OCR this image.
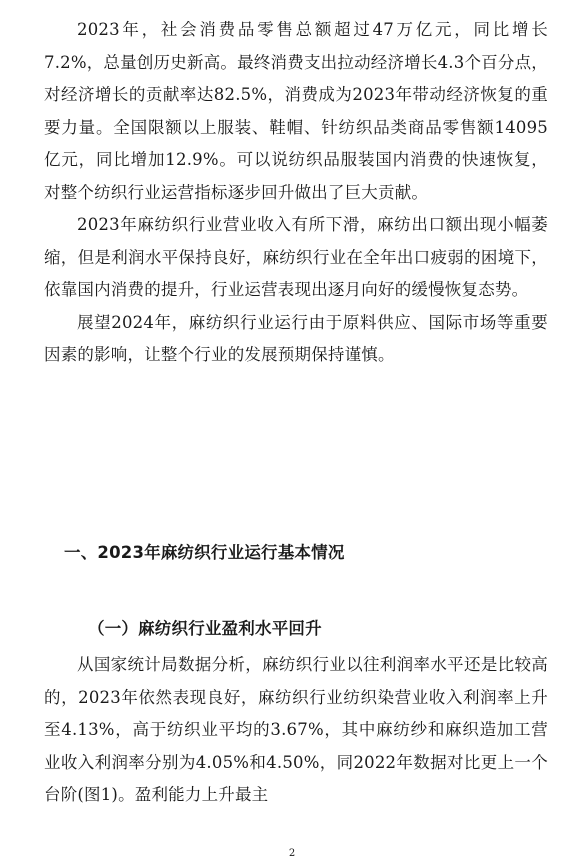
2023年，社会消费品零售总额超过47万亿元，同比增长7.2%，总量创历史新高。最终消费支出拉动经济增长4.3个百分点，对经济增长的贡献率达82.5%，消费成为2023年带动经济恢复的重要力量。全国限额以上服装、鞋帽、针纺织品类商品零售额14095亿元，同比增加12.9%。可以说纺织品服装国内消费的快速恢复，对整个纺织行业运营指标逐步回升做出了巨大贡献。

2023年麻纺织行业营业收入有所下滑，麻纺出口额出现小幅萎缩，但是利润水平保持良好，麻纺织行业在全年出口疲弱的困境下，依靠国内消费的提升，行业运营表现出逐月向好的缓慢恢复态势。

展望2024年，麻纺织行业运行由于原料供应、国际市场等重要因素的影响，让整个行业的发展预期保持谨慎。

一、2023年麻纺织行业运行基本情况
（一）麻纺织行业盈利水平回升

从国家统计局数据分析，麻纺织行业以往利润率水平还是比较高的，2023年依然表现良好，麻纺织行业纺织染营业收入利润率上升至4.13%，高于纺织业平均的3.67%，其中麻纺纱和麻织造加工营业收入利润率分别为4.05%和4.50%，同2022年数据对比更上一个台阶(图1)。盈利能力上升最主

2
